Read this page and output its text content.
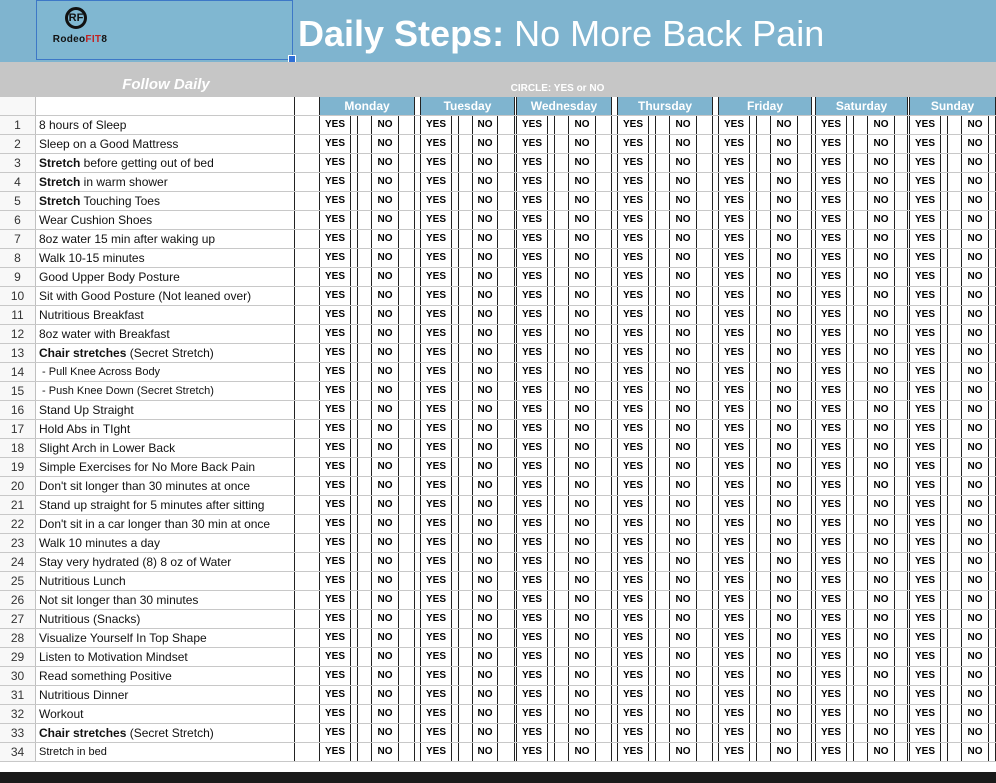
RF
RodeoFIT8	Daily Steps: No More Back Pain
Follow Daily	CIRCLE: YES or NO
Monday	Tuesday	Wednesday	Thursday	Friday	Saturday	Sunday
1	8 hours of Sleep	YES	NO	YES	NO	YES	NO	YES	NO	YES	NO	YES	NO	YES	NO
2	Sleep on a Good Mattress	YES	NO	YES	NO	YES	NO	YES	NO	YES	NO	YES	NO	YES	NO
3	Stretch before getting out of bed	YES	NO	YES	NO	YES	NO	YES	NO	YES	NO	YES	NO	YES	NO
4	Stretch in warm shower	YES	NO	YES	NO	YES	NO	YES	NO	YES	NO	YES	NO	YES	NO
5	Stretch Touching Toes	YES	NO	YES	NO	YES	NO	YES	NO	YES	NO	YES	NO	YES	NO
6	Wear Cushion Shoes	YES	NO	YES	NO	YES	NO	YES	NO	YES	NO	YES	NO	YES	NO
7	8oz water 15 min after waking up	YES	NO	YES	NO	YES	NO	YES	NO	YES	NO	YES	NO	YES	NO
8	Walk 10-15 minutes	YES	NO	YES	NO	YES	NO	YES	NO	YES	NO	YES	NO	YES	NO
9	Good Upper Body Posture	YES	NO	YES	NO	YES	NO	YES	NO	YES	NO	YES	NO	YES	NO
10	Sit with Good Posture (Not leaned over)	YES	NO	YES	NO	YES	NO	YES	NO	YES	NO	YES	NO	YES	NO
11	Nutritious Breakfast	YES	NO	YES	NO	YES	NO	YES	NO	YES	NO	YES	NO	YES	NO
12	8oz water with Breakfast	YES	NO	YES	NO	YES	NO	YES	NO	YES	NO	YES	NO	YES	NO
13	Chair stretches (Secret Stretch)	YES	NO	YES	NO	YES	NO	YES	NO	YES	NO	YES	NO	YES	NO
14	- Pull Knee Across Body	YES	NO	YES	NO	YES	NO	YES	NO	YES	NO	YES	NO	YES	NO
15	- Push Knee Down (Secret Stretch)	YES	NO	YES	NO	YES	NO	YES	NO	YES	NO	YES	NO	YES	NO
16	Stand Up Straight	YES	NO	YES	NO	YES	NO	YES	NO	YES	NO	YES	NO	YES	NO
17	Hold Abs in TIght	YES	NO	YES	NO	YES	NO	YES	NO	YES	NO	YES	NO	YES	NO
18	Slight Arch in Lower Back	YES	NO	YES	NO	YES	NO	YES	NO	YES	NO	YES	NO	YES	NO
19	Simple Exercises for No More Back Pain	YES	NO	YES	NO	YES	NO	YES	NO	YES	NO	YES	NO	YES	NO
20	Don't sit longer than 30 minutes at once	YES	NO	YES	NO	YES	NO	YES	NO	YES	NO	YES	NO	YES	NO
21	Stand up straight for 5 minutes after sitting	YES	NO	YES	NO	YES	NO	YES	NO	YES	NO	YES	NO	YES	NO
22	Don't sit in a car longer than 30 min at once	YES	NO	YES	NO	YES	NO	YES	NO	YES	NO	YES	NO	YES	NO
23	Walk 10 minutes a day	YES	NO	YES	NO	YES	NO	YES	NO	YES	NO	YES	NO	YES	NO
24	Stay very hydrated (8) 8 oz of Water	YES	NO	YES	NO	YES	NO	YES	NO	YES	NO	YES	NO	YES	NO
25	Nutritious Lunch	YES	NO	YES	NO	YES	NO	YES	NO	YES	NO	YES	NO	YES	NO
26	Not sit longer than 30 minutes	YES	NO	YES	NO	YES	NO	YES	NO	YES	NO	YES	NO	YES	NO
27	Nutritious (Snacks)	YES	NO	YES	NO	YES	NO	YES	NO	YES	NO	YES	NO	YES	NO
28	Visualize Yourself In Top Shape	YES	NO	YES	NO	YES	NO	YES	NO	YES	NO	YES	NO	YES	NO
29	Listen to Motivation Mindset	YES	NO	YES	NO	YES	NO	YES	NO	YES	NO	YES	NO	YES	NO
30	Read something Positive	YES	NO	YES	NO	YES	NO	YES	NO	YES	NO	YES	NO	YES	NO
31	Nutritious Dinner	YES	NO	YES	NO	YES	NO	YES	NO	YES	NO	YES	NO	YES	NO
32	Workout	YES	NO	YES	NO	YES	NO	YES	NO	YES	NO	YES	NO	YES	NO
33	Chair stretches (Secret Stretch)	YES	NO	YES	NO	YES	NO	YES	NO	YES	NO	YES	NO	YES	NO
34	Stretch in bed	YES	NO	YES	NO	YES	NO	YES	NO	YES	NO	YES	NO	YES	NO
